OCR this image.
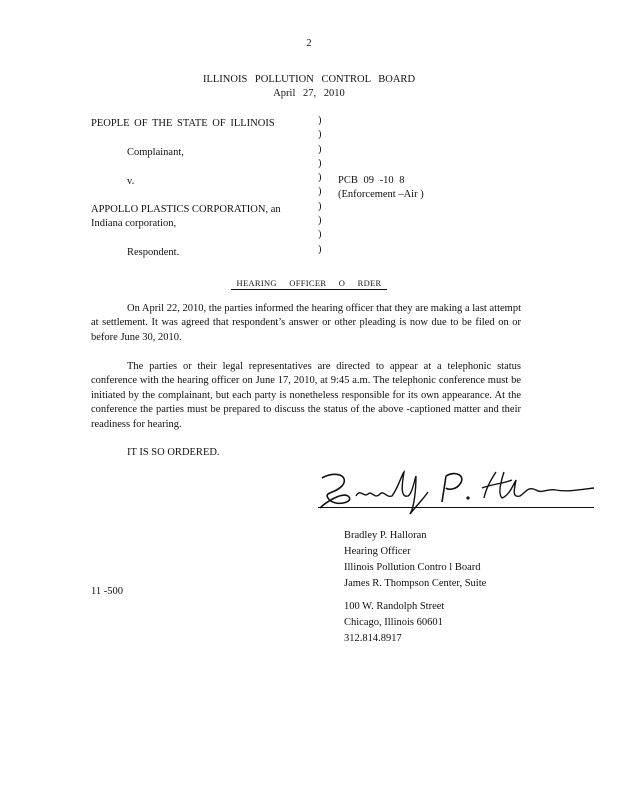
2
ILLINOIS POLLUTION CONTROL BOARD
April 27, 2010
PEOPLE OF THE STATE OF ILLINOIS
Complainant,
v.
APPOLLO PLASTICS CORPORATION, an
Indiana corporation,
Respondent.
)
)
)
)
)
)
)
)
)
)
PCB 09 -10 8
(Enforcement –Air )
HEARING OFFICER O RDER
On April 22, 2010, the parties informed the hearing officer that they are making a last attempt at settlement. It was agreed that respondent’s answer or other pleading is now due to be filed on or before June 30, 2010.
The parties or their legal representatives are directed to appear at a telephonic status conference with the hearing officer on June 17, 2010, at 9:45 a.m. The telephonic conference must be initiated by the complainant, but each party is nonetheless responsible for its own appearance. At the conference the parties must be prepared to discuss the status of the above -captioned matter and their readiness for hearing.
IT IS SO ORDERED.
Bradley P. Halloran
Hearing Officer
Illinois Pollution Contro l Board
James R. Thompson Center, Suite
11 -500
100 W. Randolph Street
Chicago, Illinois 60601
312.814.8917
